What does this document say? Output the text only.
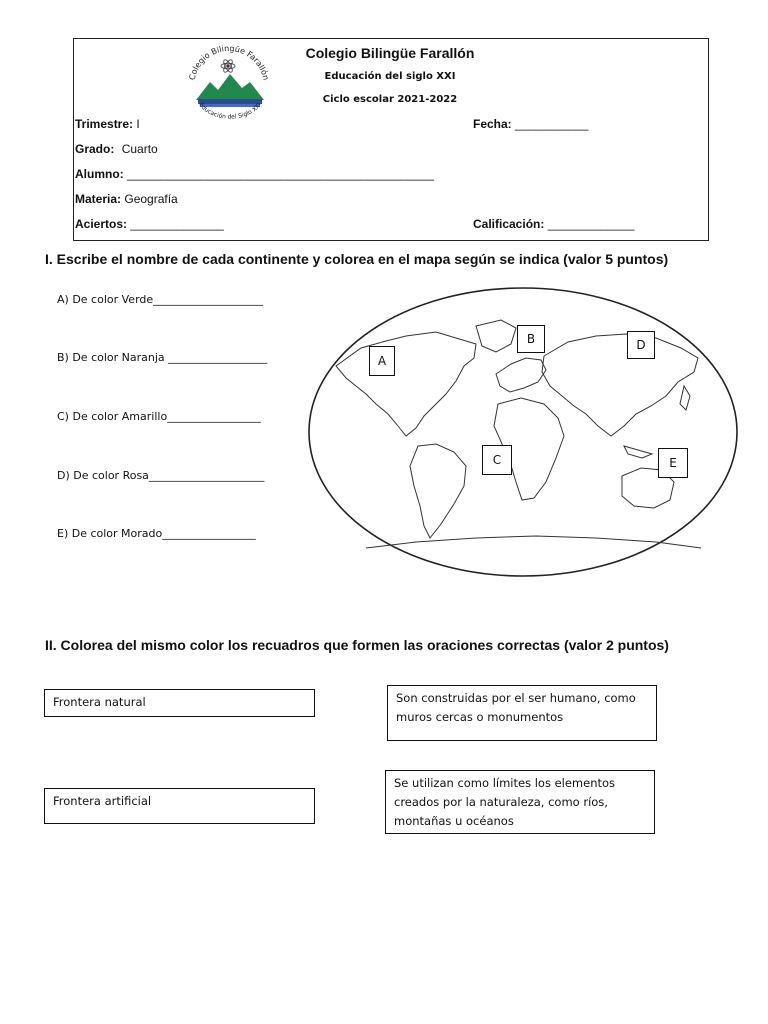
Colegio Bilingüe Farallón
Educación del Siglo XXI
Colegio Bilingüe Farallón
Educación del siglo XXI
Ciclo escolar 2021-2022
Trimestre: I	Fecha: ___________
Grado: Cuarto
Alumno: ______________________________________________
Materia: Geografía
Aciertos: ______________	Calificación: _____________
I. Escribe el nombre de cada continente y colorea en el mapa según se indica (valor 5 puntos)
A) De color Verde____________________
B) De color Naranja __________________
C) De color Amarillo_________________
D) De color Rosa_____________________
E) De color Morado_________________
A
B	D
C	E
II. Colorea del mismo color los recuadros que formen las oraciones correctas (valor 2 puntos)
Frontera natural
Frontera artificial
Son construidas por el ser humano, como muros cercas o monumentos
Se utilizan como límites los elementos creados por la naturaleza, como ríos, montañas u océanos
